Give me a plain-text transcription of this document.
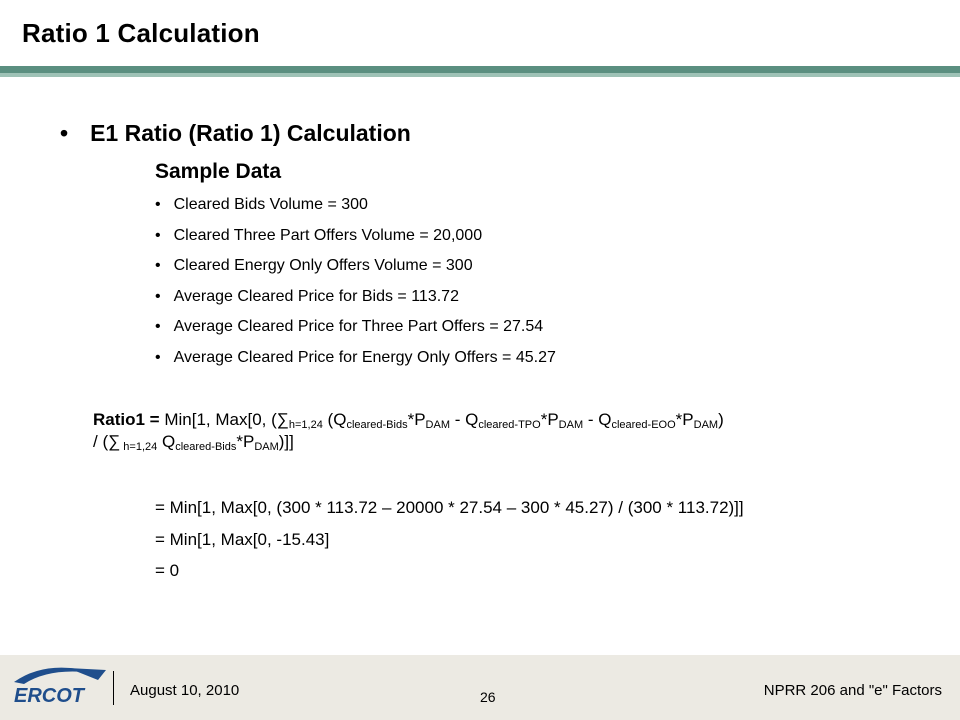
Ratio 1 Calculation
• E1 Ratio (Ratio 1) Calculation
Sample Data
• Cleared Bids Volume = 300
• Cleared Three Part Offers Volume = 20,000
• Cleared Energy Only Offers Volume = 300
• Average Cleared Price for Bids = 113.72
• Average Cleared Price for Three Part Offers = 27.54
• Average Cleared Price for Energy Only Offers = 45.27
Ratio1 = Min[1, Max[0, ($\sum_{h=1,24}$ $(Q_{cleared-Bids}*P_{DAM} - Q_{cleared-TPO}*P_{DAM} - Q_{cleared-EOO}*P_{DAM})$
/ (∑ $_{h=1,24}$ $Q_{cleared-Bids}*P_{DAM}$)]]
= Min[1, Max[0, (300 * 113.72 – 20000 * 27.54 – 300 * 45.27) / (300 * 113.72)]]
= Min[1, Max[0, -15.43]
= 0
ERCOT	August 10, 2010	26	NPRR 206 and "e" Factors
